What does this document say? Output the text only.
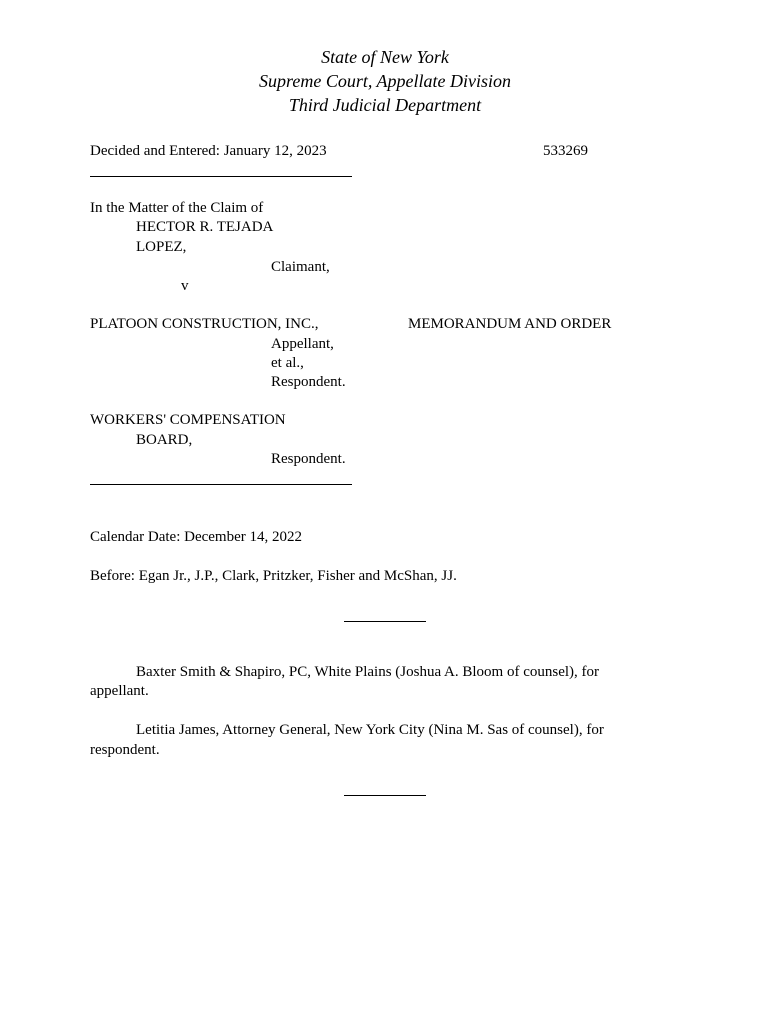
State of New York
Supreme Court, Appellate Division
Third Judicial Department
Decided and Entered: January 12, 2023	533269
In the Matter of the Claim of
HECTOR R. TEJADA
LOPEZ,
Claimant,
v
PLATOON CONSTRUCTION, INC.,	MEMORANDUM AND ORDER
Appellant,
et al.,
Respondent.
WORKERS' COMPENSATION
BOARD,
Respondent.
Calendar Date: December 14, 2022
Before: Egan Jr., J.P., Clark, Pritzker, Fisher and McShan, JJ.
Baxter Smith & Shapiro, PC, White Plains (Joshua A. Bloom of counsel), for
appellant.
Letitia James, Attorney General, New York City (Nina M. Sas of counsel), for
respondent.
